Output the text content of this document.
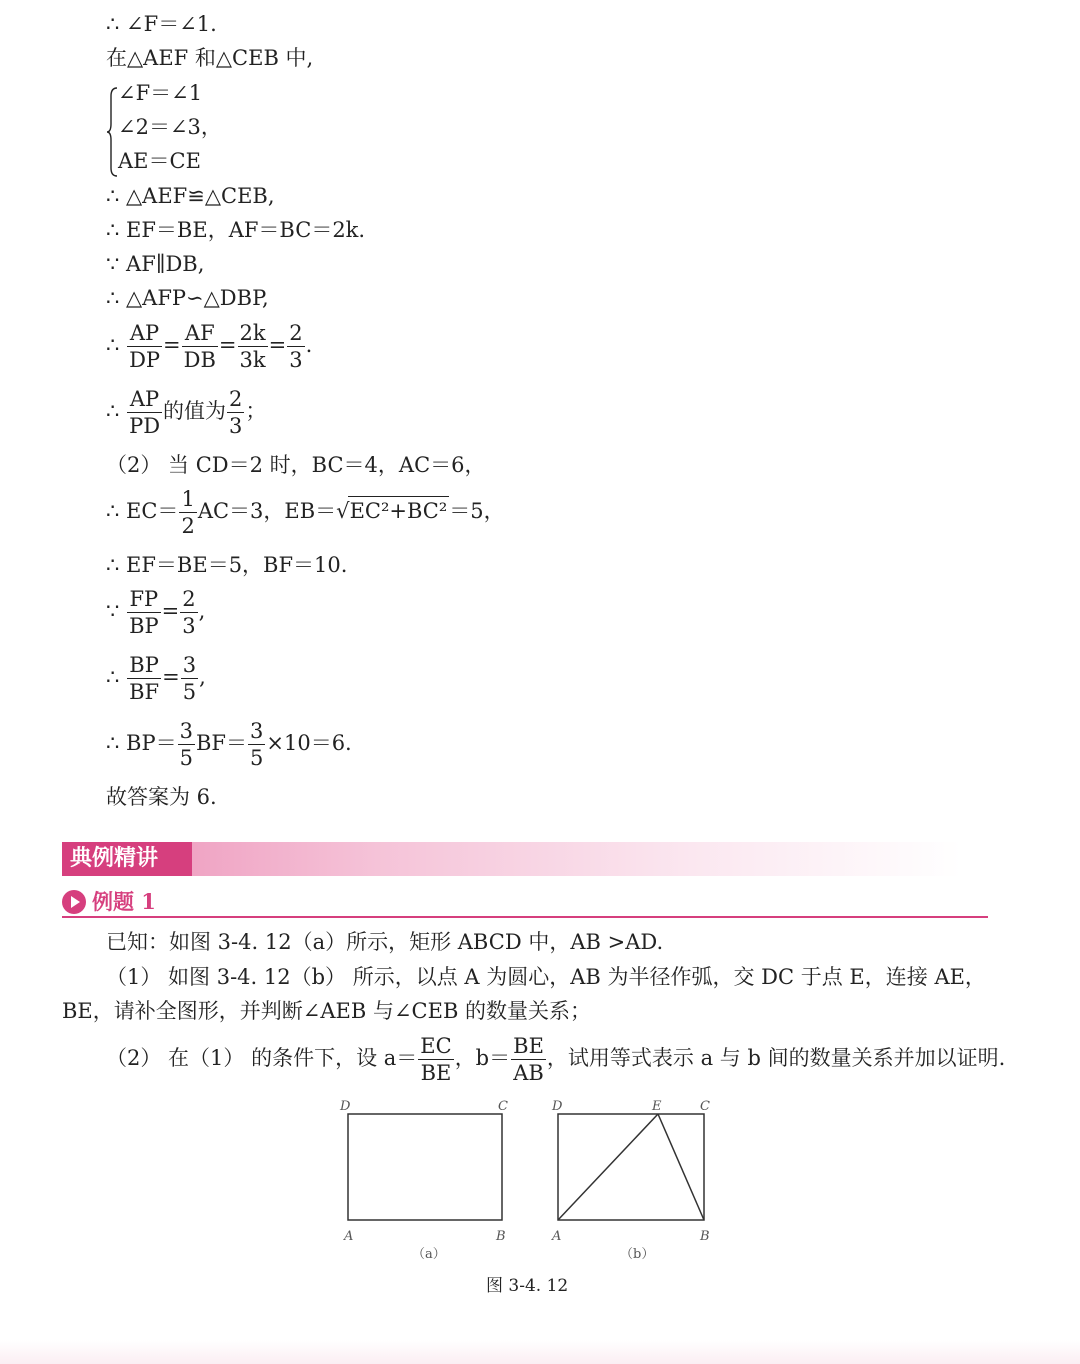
∴ ∠F＝∠1.
在△AEF 和△CEB 中,
∠F＝∠1
∠2＝∠3，
AE＝CE
∴ △AEF≌△CEB,
∴ EF＝BE，AF＝BC＝2k.
∵ AF∥DB,
∴ △AFP∽△DBP,
∴ $\frac{AP}{DP} = \frac{AF}{DB} = \frac{2k}{3k} = \frac{2}{3}$ .
∴ $\frac{AP}{PD}$ 的值为 $\frac{2}{3}$ ；
（2） 当 CD＝2 时，BC＝4，AC＝6，
∴ $EC= \frac{1}{2} AC=3$，EB＝√EC²+BC²＝5，
∴ EF＝BE＝5，BF＝10.
∵ $\frac{FP}{BP} = \frac{2}{3}$ ,
∴ $\frac{BP}{BF} = \frac{3}{5}$ ,
∴ $BP= \frac{3}{5} BF= \frac{3}{5} \times 10=6$.
故答案为 6.
典例精讲
例题 1
已知：如图 3-4. 12（a）所示，矩形 ABCD 中，AB >AD.
（1） 如图 3-4. 12（b） 所示，以点 A 为圆心，AB 为半径作弧，交 DC 于点 E，连接 AE，
BE，请补全图形，并判断∠AEB 与∠CEB 的数量关系；
（2） 在（1） 的条件下，设 $a= \frac{EC}{BE}$ ，$b= \frac{BE}{AB}$ ，试用等式表示 a 与 b 间的数量关系并加以证明.
D	C
A	B
（a）
D	E	C
A	B
（b）
图 3-4. 12
